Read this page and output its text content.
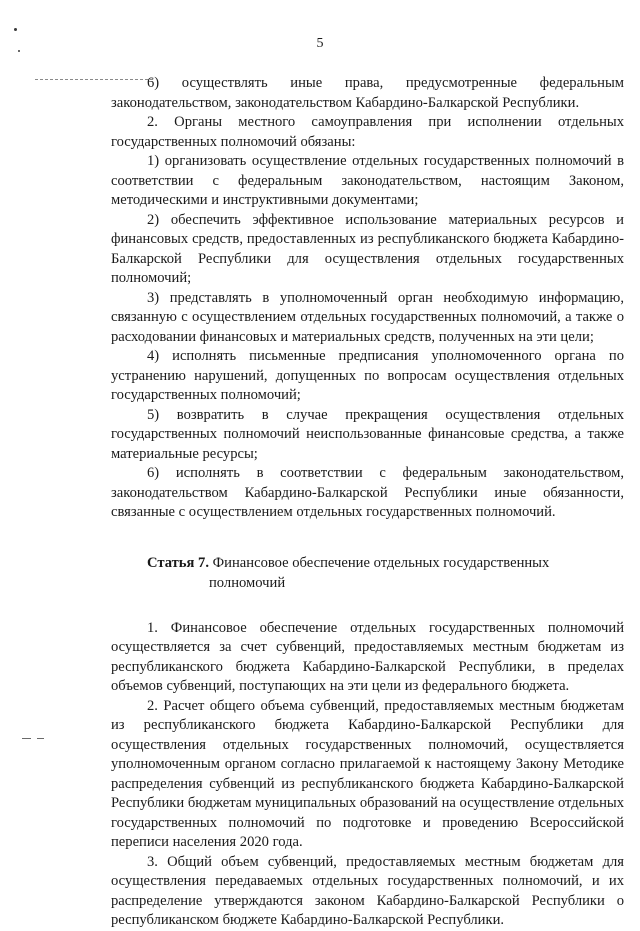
5

6) осуществлять иные права, предусмотренные федеральным законодательством, законодательством Кабардино-Балкарской Республики.

2. Органы местного самоуправления при исполнении отдельных государственных полномочий обязаны:

1) организовать осуществление отдельных государственных полномочий в соответствии с федеральным законодательством, настоящим Законом, методическими и инструктивными документами;

2) обеспечить эффективное использование материальных ресурсов и финансовых средств, предоставленных из республиканского бюджета Кабардино-Балкарской Республики для осуществления отдельных государственных полномочий;

3) представлять в уполномоченный орган необходимую информацию, связанную с осуществлением отдельных государственных полномочий, а также о расходовании финансовых и материальных средств, полученных на эти цели;

4) исполнять письменные предписания уполномоченного органа по устранению нарушений, допущенных по вопросам осуществления отдельных государственных полномочий;

5) возвратить в случае прекращения осуществления отдельных государственных полномочий неиспользованные финансовые средства, а также материальные ресурсы;

6) исполнять в соответствии с федеральным законодательством, законодательством Кабардино-Балкарской Республики иные обязанности, связанные с осуществлением отдельных государственных полномочий.

Статья 7. Финансовое обеспечение отдельных государственных полномочий

1. Финансовое обеспечение отдельных государственных полномочий осуществляется за счет субвенций, предоставляемых местным бюджетам из республиканского бюджета Кабардино-Балкарской Республики, в пределах объемов субвенций, поступающих на эти цели из федерального бюджета.

2. Расчет общего объема субвенций, предоставляемых местным бюджетам из республиканского бюджета Кабардино-Балкарской Республики для осуществления отдельных государственных полномочий, осуществляется уполномоченным органом согласно прилагаемой к настоящему Закону Методике распределения субвенций из республиканского бюджета Кабардино-Балкарской Республики бюджетам муниципальных образований на осуществление отдельных государственных полномочий по подготовке и проведению Всероссийской переписи населения 2020 года.

3. Общий объем субвенций, предоставляемых местным бюджетам для осуществления передаваемых отдельных государственных полномочий, и их распределение утверждаются законом Кабардино-Балкарской Республики о республиканском бюджете Кабардино-Балкарской Республики.
